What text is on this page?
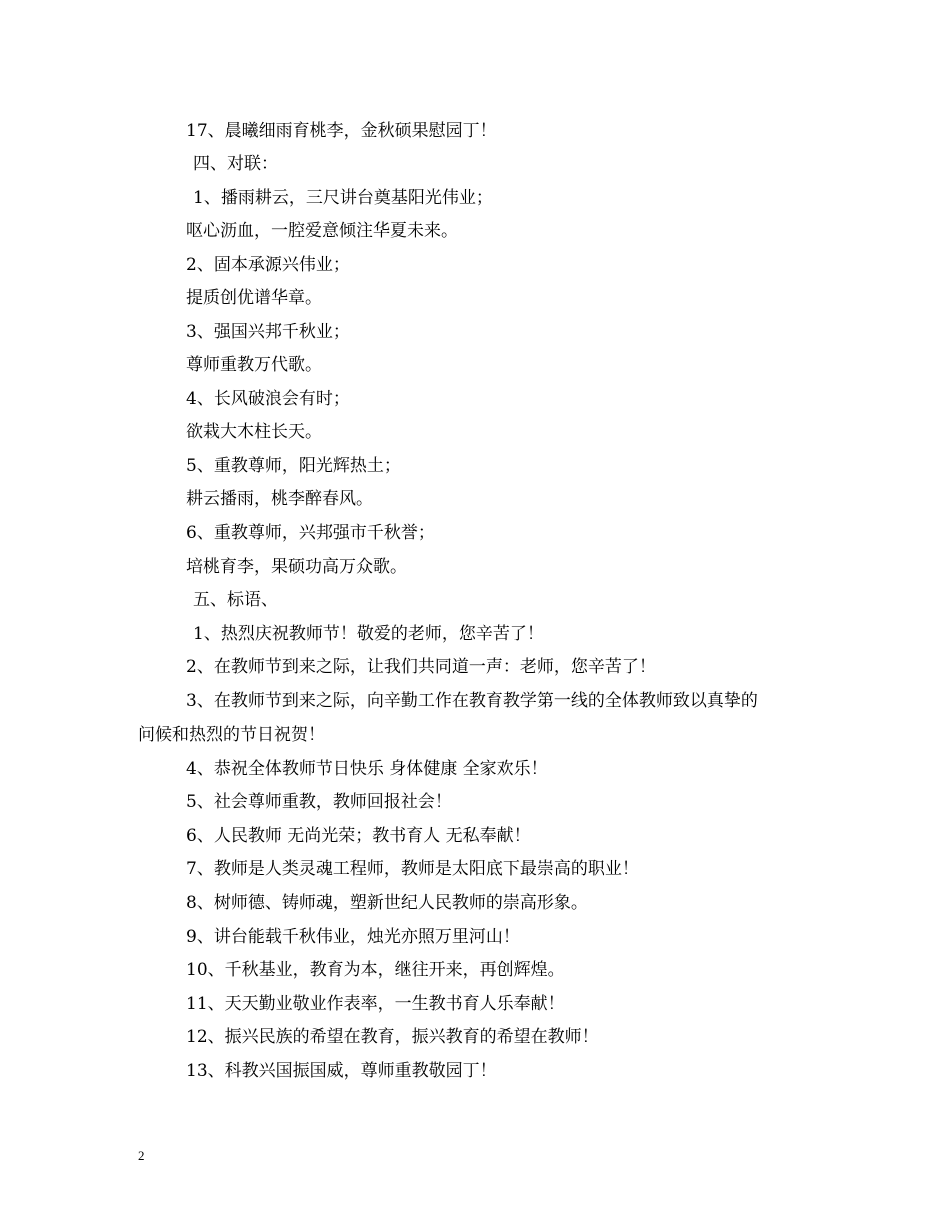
17、晨曦细雨育桃李，金秋硕果慰园丁！
四、对联：
1、播雨耕云，三尺讲台奠基阳光伟业；
呕心沥血，一腔爱意倾注华夏未来。
2、固本承源兴伟业；
提质创优谱华章。
3、强国兴邦千秋业；
尊师重教万代歌。
4、长风破浪会有时；
欲栽大木柱长天。
5、重教尊师，阳光辉热土；
耕云播雨，桃李醉春风。
6、重教尊师，兴邦强市千秋誉；
培桃育李，果硕功高万众歌。
五、标语、
1、热烈庆祝教师节！敬爱的老师，您辛苦了！
2、在教师节到来之际，让我们共同道一声：老师，您辛苦了！
3、在教师节到来之际，向辛勤工作在教育教学第一线的全体教师致以真挚的
问候和热烈的节日祝贺！
4、恭祝全体教师节日快乐 身体健康 全家欢乐！
5、社会尊师重教，教师回报社会！
6、人民教师 无尚光荣；教书育人 无私奉献！
7、教师是人类灵魂工程师，教师是太阳底下最崇高的职业！
8、树师德、铸师魂，塑新世纪人民教师的崇高形象。
9、讲台能载千秋伟业，烛光亦照万里河山！
10、千秋基业，教育为本，继往开来，再创辉煌。
11、天天勤业敬业作表率，一生教书育人乐奉献！
12、振兴民族的希望在教育，振兴教育的希望在教师！
13、科教兴国振国威，尊师重教敬园丁！
2
